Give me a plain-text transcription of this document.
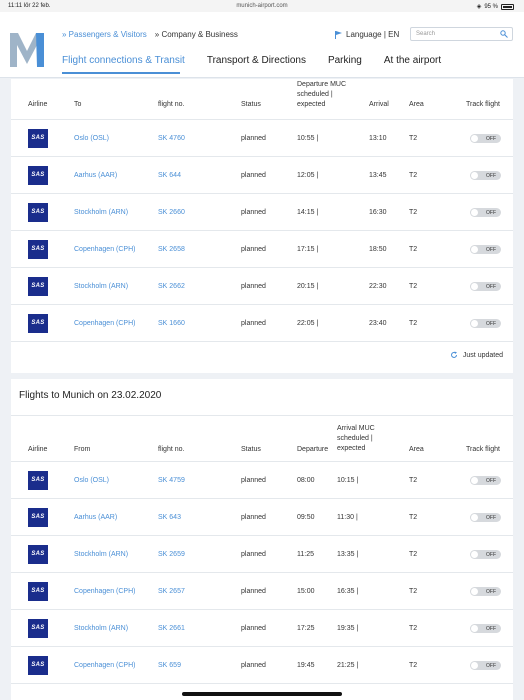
11:11 lör 22 feb.	munich-airport.com	◈ 95 %
» Passengers & Visitors » Company & Business	Language | EN	Search
Flight connections & Transit Transport & Directions Parking At the airport
Airline	To	flight no.	Status
Departure MUC
scheduled |
expected	Arrival	Area	Track flight
SAS	Oslo (OSL)	SK 4760	planned	10:55 |	13:10	T2	OFF
SAS	Aarhus (AAR)	SK 644	planned	12:05 |	13:45	T2	OFF
SAS	Stockholm (ARN)	SK 2660	planned	14:15 |	16:30	T2	OFF
SAS	Copenhagen (CPH)	SK 2658	planned	17:15 |	18:50	T2	OFF
SAS	Stockholm (ARN)	SK 2662	planned	20:15 |	22:30	T2	OFF
SAS	Copenhagen (CPH)	SK 1660	planned	22:05 |	23:40	T2	OFF
Just updated
Flights to Munich on 23.02.2020
Airline	From	flight no.	Status	Departure
Arrival MUC
scheduled |
expected	Area	Track flight
SAS	Oslo (OSL)	SK 4759	planned	08:00	10:15 |	T2	OFF
SAS	Aarhus (AAR)	SK 643	planned	09:50	11:30 |	T2	OFF
SAS	Stockholm (ARN)	SK 2659	planned	11:25	13:35 |	T2	OFF
SAS	Copenhagen (CPH)	SK 2657	planned	15:00	16:35 |	T2	OFF
SAS	Stockholm (ARN)	SK 2661	planned	17:25	19:35 |	T2	OFF
SAS	Copenhagen (CPH)	SK 659	planned	19:45	21:25 |	T2	OFF
